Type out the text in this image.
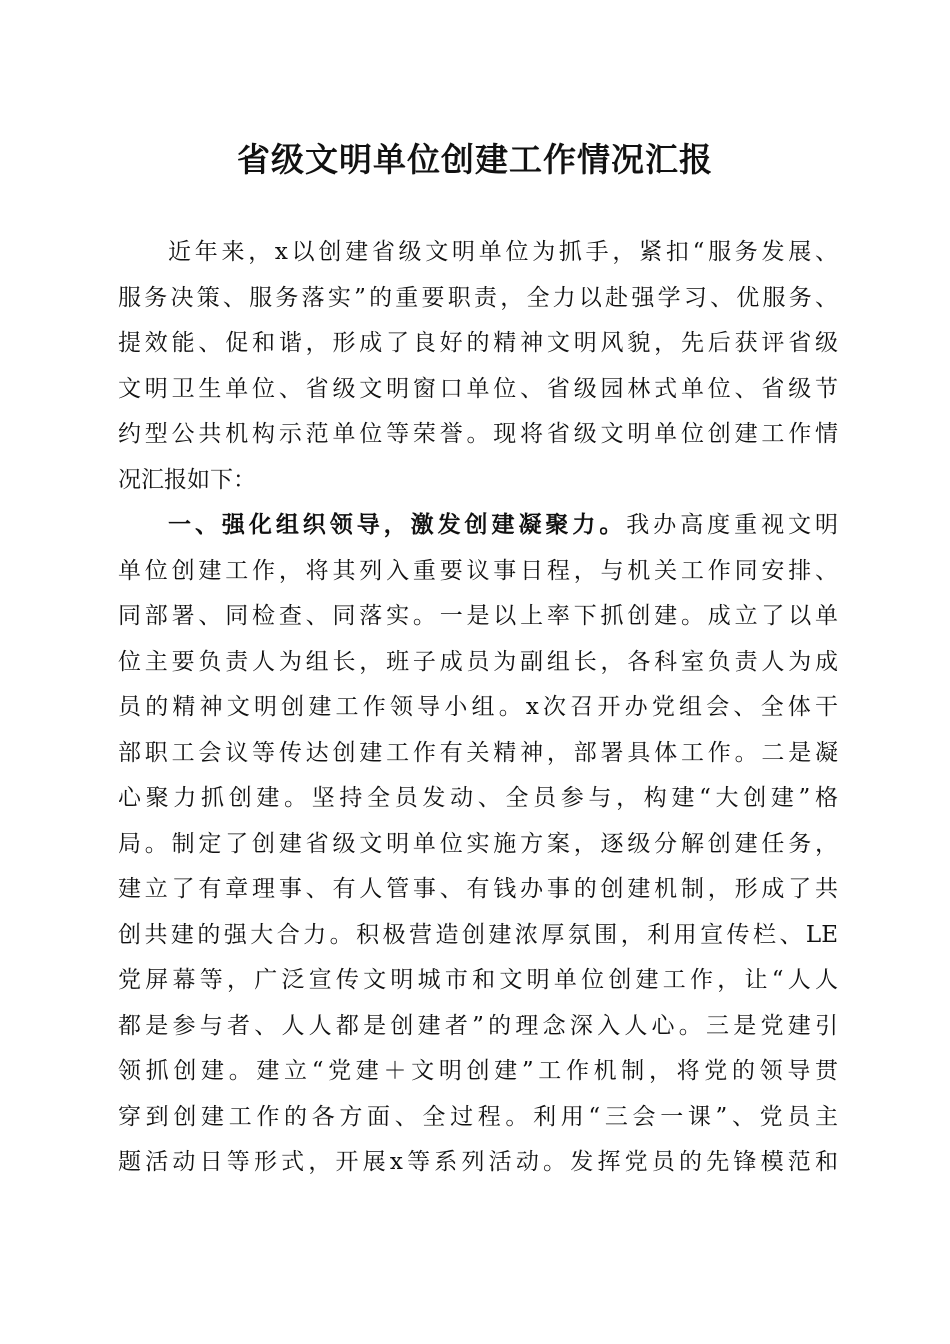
省级文明单位创建工作情况汇报
近年来，x以创建省级文明单位为抓手，紧扣“服务发展、
服务决策、服务落实”的重要职责，全力以赴强学习、优服务、
提效能、促和谐，形成了良好的精神文明风貌，先后获评省级
文明卫生单位、省级文明窗口单位、省级园林式单位、省级节
约型公共机构示范单位等荣誉。现将省级文明单位创建工作情
况汇报如下：
一、强化组织领导，激发创建凝聚力。我办高度重视文明
单位创建工作，将其列入重要议事日程，与机关工作同安排、
同部署、同检查、同落实。一是以上率下抓创建。成立了以单
位主要负责人为组长，班子成员为副组长，各科室负责人为成
员的精神文明创建工作领导小组。x次召开办党组会、全体干
部职工会议等传达创建工作有关精神，部署具体工作。二是凝
心聚力抓创建。坚持全员发动、全员参与，构建“大创建”格
局。制定了创建省级文明单位实施方案，逐级分解创建任务，
建立了有章理事、有人管事、有钱办事的创建机制，形成了共
创共建的强大合力。积极营造创建浓厚氛围，利用宣传栏、LE
党屏幕等，广泛宣传文明城市和文明单位创建工作，让“人人
都是参与者、人人都是创建者”的理念深入人心。三是党建引
领抓创建。建立“党建＋文明创建”工作机制，将党的领导贯
穿到创建工作的各方面、全过程。利用“三会一课”、党员主
题活动日等形式，开展x等系列活动。发挥党员的先锋模范和
